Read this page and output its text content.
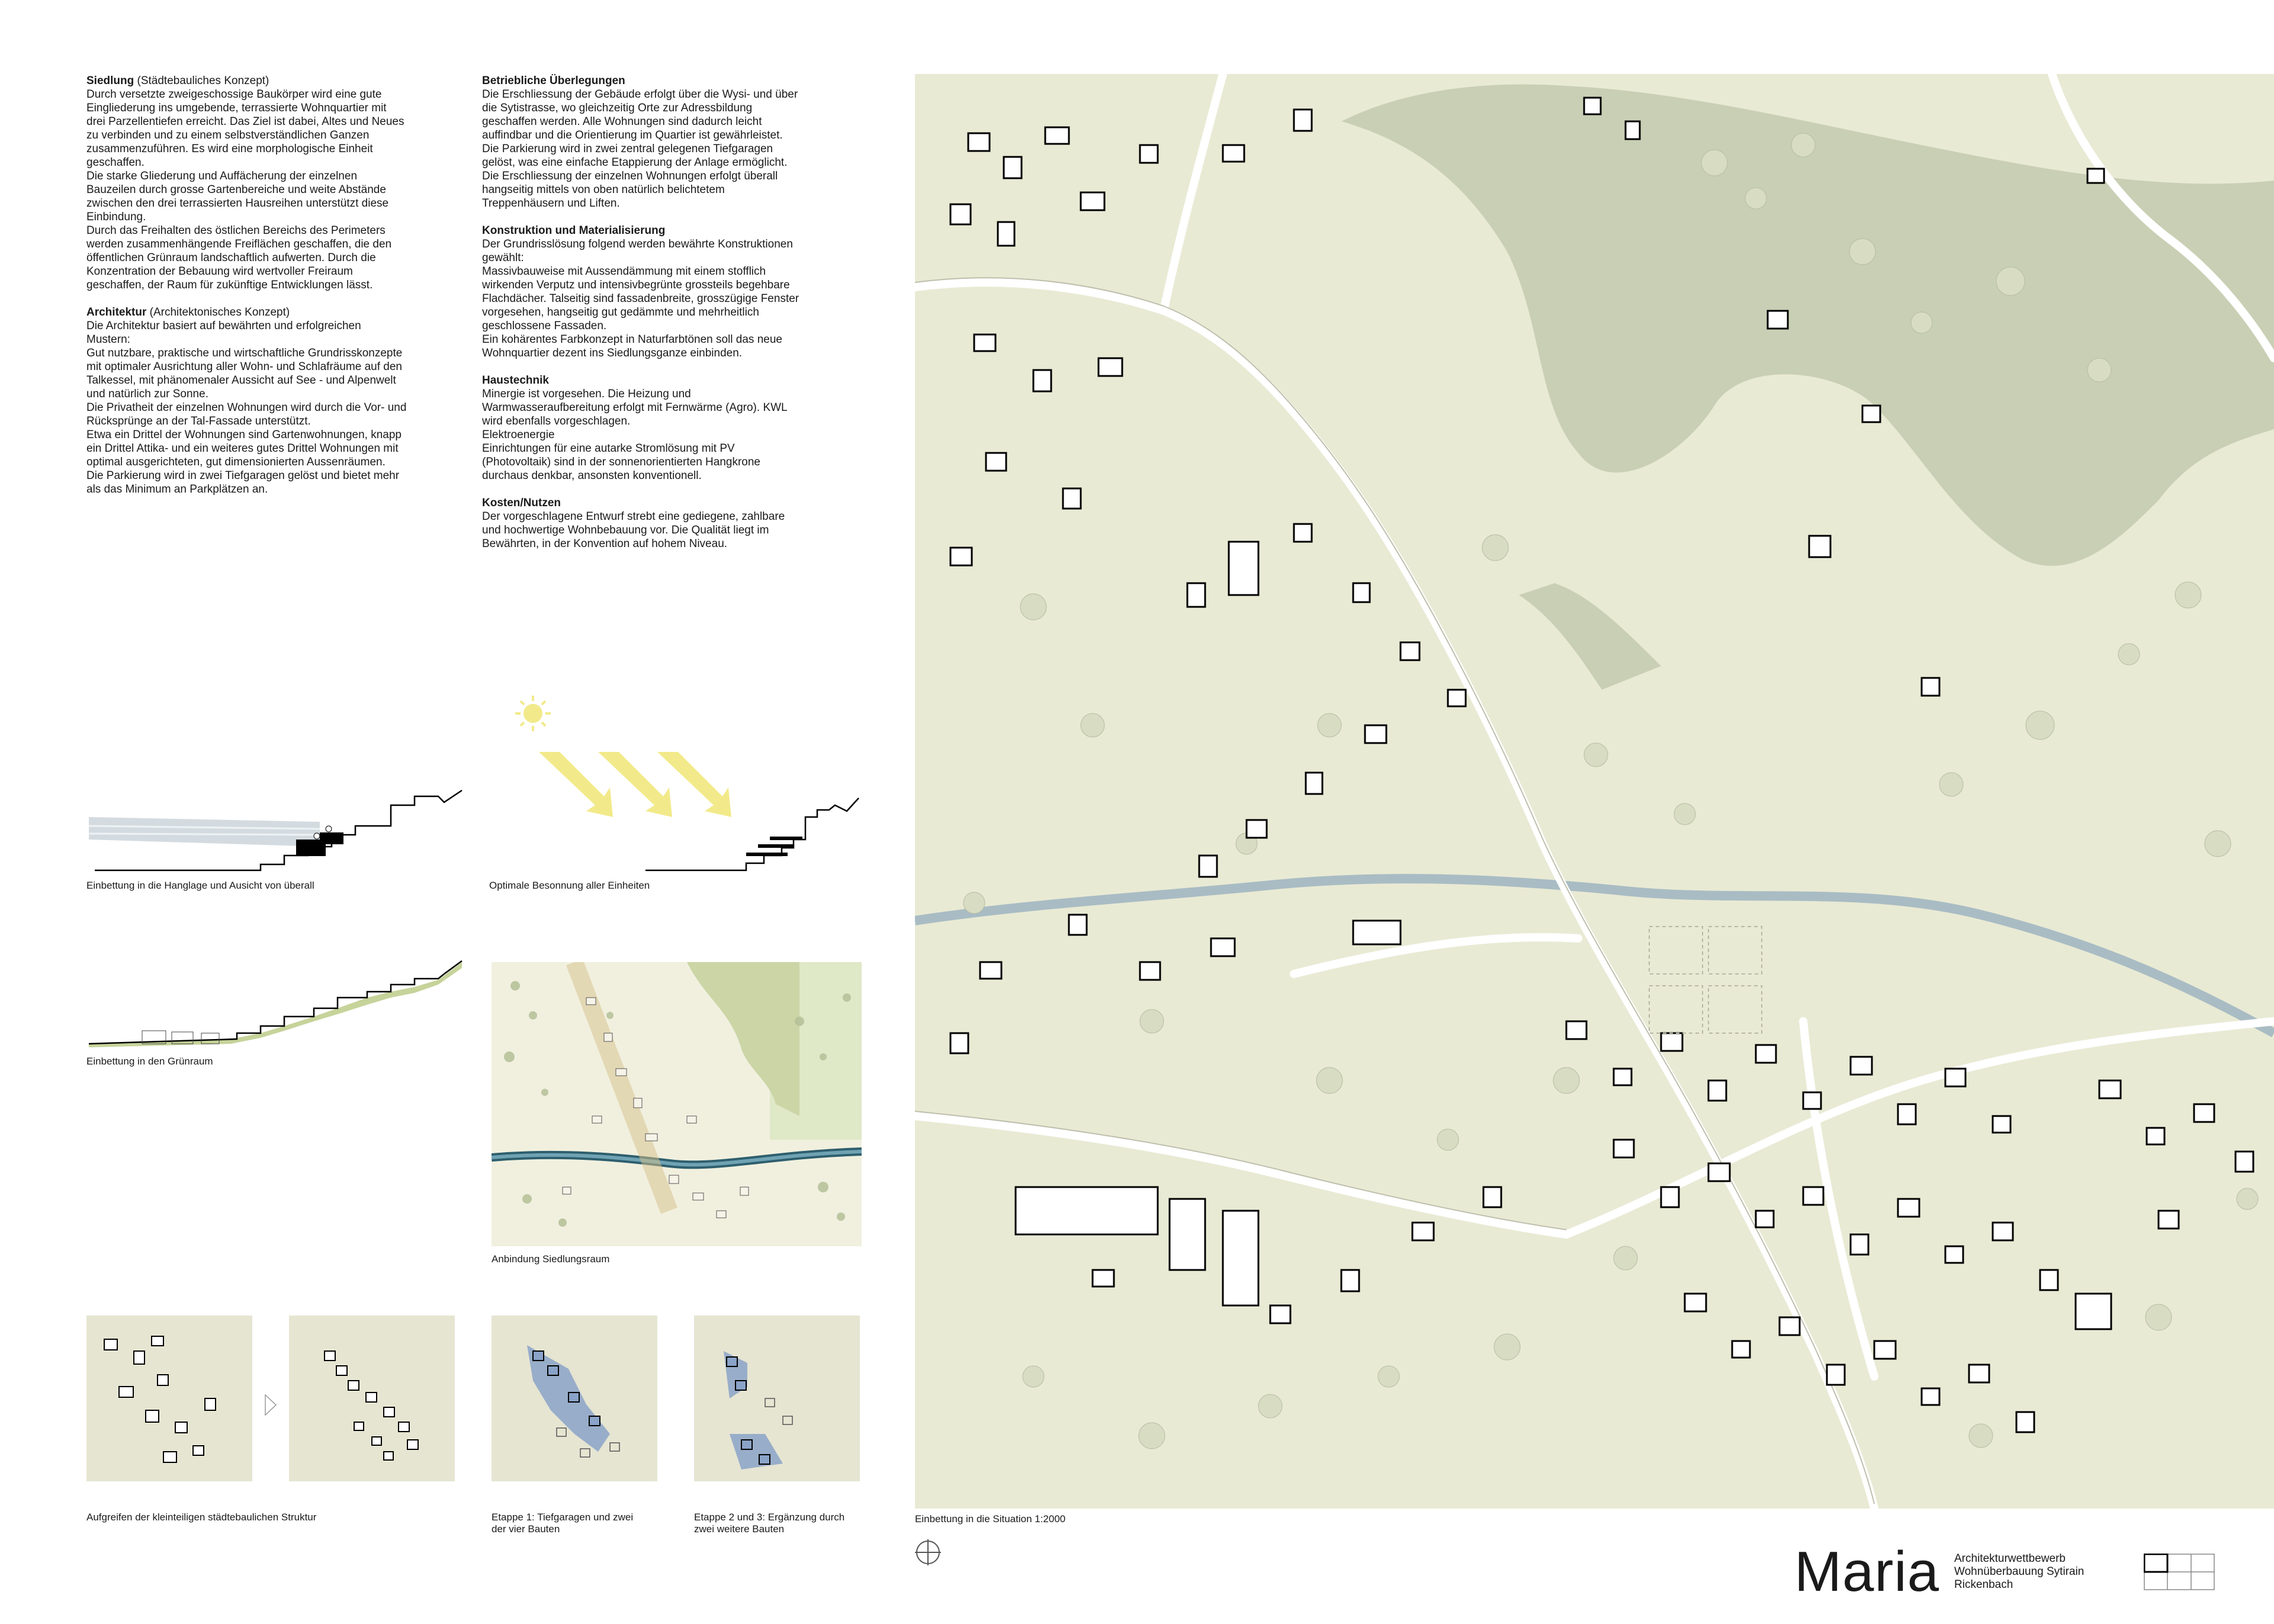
Siedlung (Städtebauliches Konzept)
Durch versetzte zweigeschossige Baukörper wird eine gute
Eingliederung ins umgebende, terrassierte Wohnquartier mit
drei Parzellentiefen erreicht. Das Ziel ist dabei, Altes und Neues
zu verbinden und zu einem selbstverständlichen Ganzen
zusammenzuführen. Es wird eine morphologische Einheit
geschaffen.
Die starke Gliederung und Auffächerung der einzelnen
Bauzeilen durch grosse Gartenbereiche und weite Abstände
zwischen den drei terrassierten Hausreihen unterstützt diese
Einbindung.
Durch das Freihalten des östlichen Bereichs des Perimeters
werden zusammenhängende Freiflächen geschaffen, die den
öffentlichen Grünraum landschaftlich aufwerten. Durch die
Konzentration der Bebauung wird wertvoller Freiraum
geschaffen, der Raum für zukünftige Entwicklungen lässt.

Architektur (Architektonisches Konzept)
Die Architektur basiert auf bewährten und erfolgreichen
Mustern:
Gut nutzbare, praktische und wirtschaftliche Grundrisskonzepte
mit optimaler Ausrichtung aller Wohn- und Schlafräume auf den
Talkessel, mit phänomenaler Aussicht auf See - und Alpenwelt
und natürlich zur Sonne.
Die Privatheit der einzelnen Wohnungen wird durch die Vor- und
Rücksprünge an der Tal-Fassade unterstützt.
Etwa ein Drittel der Wohnungen sind Gartenwohnungen, knapp
ein Drittel Attika- und ein weiteres gutes Drittel Wohnungen mit
optimal ausgerichteten, gut dimensionierten Aussenräumen.
Die Parkierung wird in zwei Tiefgaragen gelöst und bietet mehr
als das Minimum an Parkplätzen an.

Betriebliche Überlegungen
Die Erschliessung der Gebäude erfolgt über die Wysi- und über
die Sytistrasse, wo gleichzeitig Orte zur Adressbildung
geschaffen werden. Alle Wohnungen sind dadurch leicht
auffindbar und die Orientierung im Quartier ist gewährleistet.
Die Parkierung wird in zwei zentral gelegenen Tiefgaragen
gelöst, was eine einfache Etappierung der Anlage ermöglicht.
Die Erschliessung der einzelnen Wohnungen erfolgt überall
hangseitig mittels von oben natürlich belichtetem
Treppenhäusern und Liften.

Konstruktion und Materialisierung
Der Grundrisslösung folgend werden bewährte Konstruktionen
gewählt:
Massivbauweise mit Aussendämmung mit einem stofflich
wirkenden Verputz und intensivbegrünte grossteils begehbare
Flachdächer. Talseitig sind fassadenbreite, grosszügige Fenster
vorgesehen, hangseitig gut gedämmte und mehrheitlich
geschlossene Fassaden.
Ein kohärentes Farbkonzept in Naturfarbtönen soll das neue
Wohnquartier dezent ins Siedlungsganze einbinden.

Haustechnik
Minergie ist vorgesehen. Die Heizung und
Warmwasseraufbereitung erfolgt mit Fernwärme (Agro). KWL
wird ebenfalls vorgeschlagen.
Elektroenergie
Einrichtungen für eine autarke Stromlösung mit PV
(Photovoltaik) sind in der sonnenorientierten Hangkrone
durchaus denkbar, ansonsten konventionell.

Kosten/Nutzen
Der vorgeschlagene Entwurf strebt eine gediegene, zahlbare
und hochwertige Wohnbebauung vor. Die Qualität liegt im
Bewährten, in der Konvention auf hohem Niveau.

Einbettung in die Hanglage und Ausicht von überall	Optimale Besonnung aller Einheiten
Einbettung in den Grünraum
Anbindung Siedlungsraum
Aufgreifen der kleinteiligen städtebaulichen Struktur	Etappe 1: Tiefgaragen und zwei
der vier Bauten
Etappe 2 und 3: Ergänzung durch
zwei weitere Bauten
Einbettung in die Situation 1:2000
Maria Architekturwettbewerb
Wohnüberbauung Sytirain
Rickenbach
